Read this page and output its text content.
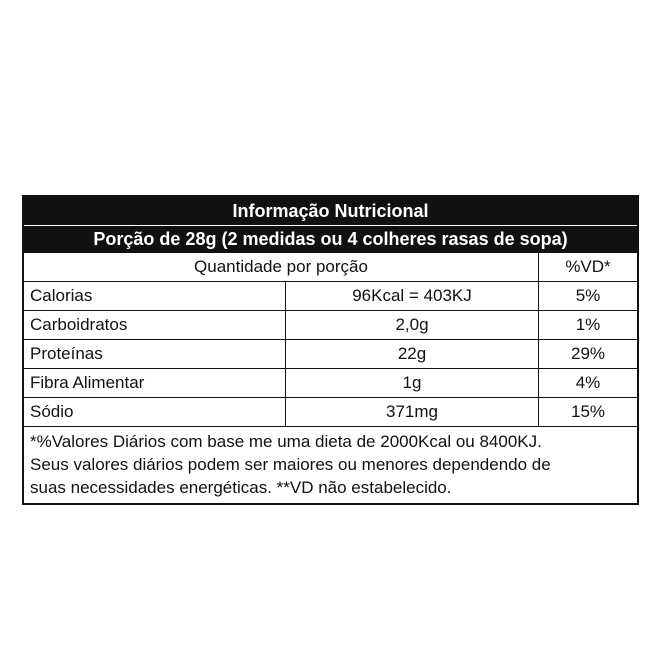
Informação Nutricional
Porção de 28g (2 medidas ou 4 colheres rasas de sopa)
Quantidade por porção	%VD*
Calorias	96Kcal = 403KJ	5%
Carboidratos	2,0g	1%
Proteínas	22g	29%
Fibra Alimentar	1g	4%
Sódio	371mg	15%
*%Valores Diários com base me uma dieta de 2000Kcal ou 8400KJ.
Seus valores diários podem ser maiores ou menores dependendo de
suas necessidades energéticas. **VD não estabelecido.
